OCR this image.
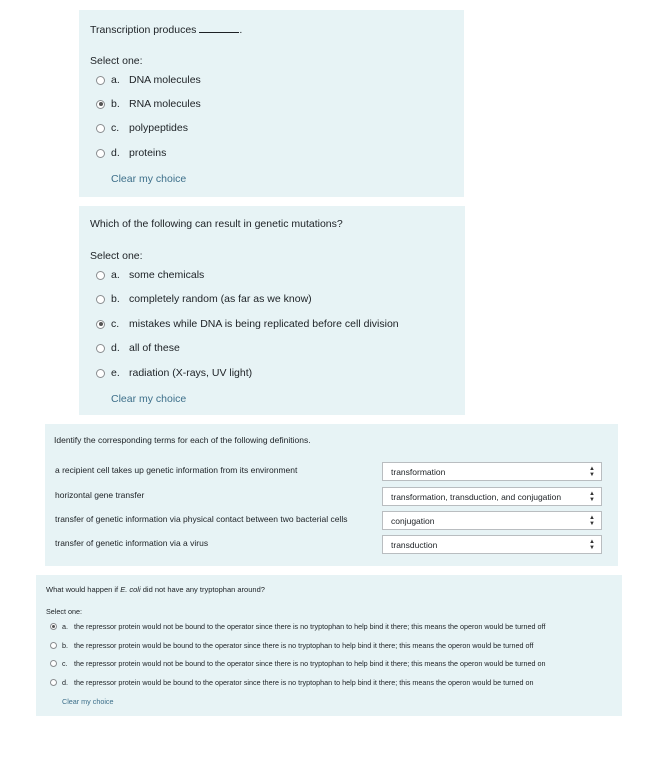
Transcription produces	.
Select one:
a. DNA molecules
b. RNA molecules
c. polypeptides
d. proteins
Clear my choice
Which of the following can result in genetic mutations?
Select one:
a. some chemicals
b. completely random (as far as we know)
c. mistakes while DNA is being replicated before cell division
d. all of these
e. radiation (X-rays, UV light)
Clear my choice
Identify the corresponding terms for each of the following definitions.
a recipient cell takes up genetic information from its environment	transformation	▲
▼
horizontal gene transfer	transformation, transduction, and conjugation	▲
▼
transfer of genetic information via physical contact between two bacterial cells	conjugation	▲
▼
transfer of genetic information via a virus	transduction	▲
▼
What would happen if E. coli did not have any tryptophan around?
Select one:
a. the repressor protein would not be bound to the operator since there is no tryptophan to help bind it there; this means the operon would be turned off
b. the repressor protein would be bound to the operator since there is no tryptophan to help bind it there; this means the operon would be turned off
c. the repressor protein would not be bound to the operator since there is no tryptophan to help bind it there; this means the operon would be turned on
d. the repressor protein would be bound to the operator since there is no tryptophan to help bind it there; this means the operon would be turned on
Clear my choice
